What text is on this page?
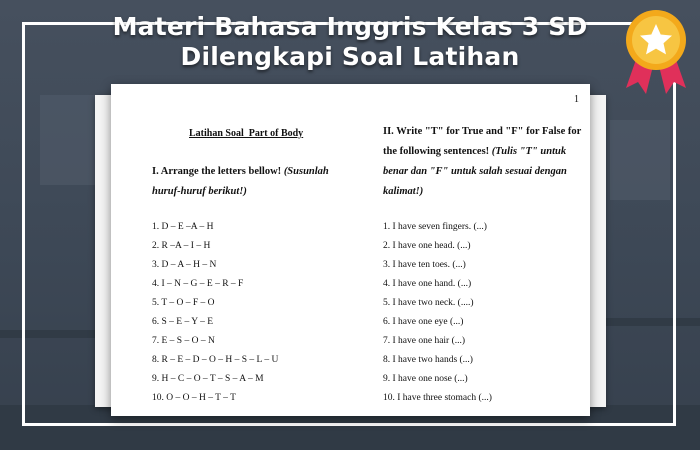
Materi Bahasa Inggris Kelas 3 SD
Dilengkapi Soal Latihan
1
Latihan Soal  Part of Body
I. Arrange the letters bellow! (Susunlah huruf-huruf berikut!)
1. D – E –A – H
2. R –A – I – H
3. D – A – H – N
4. I – N – G – E – R – F
5. T – O – F – O
6. S – E – Y – E
7. E – S – O – N
8. R – E – D – O – H – S – L – U
9. H – C – O – T – S – A – M
10. O – O – H – T – T
II. Write "T" for True and "F" for False for the following sentences! (Tulis "T" untuk benar dan "F" untuk salah sesuai dengan kalimat!)
1. I have seven fingers. (...)
2. I have one head. (...)
3. I have ten toes. (...)
4. I have one hand. (...)
5. I have two neck. (....)
6. I have one eye (...)
7. I have one hair (...)
8. I have two hands (...)
9. I have one nose (...)
10. I have three stomach (...)
